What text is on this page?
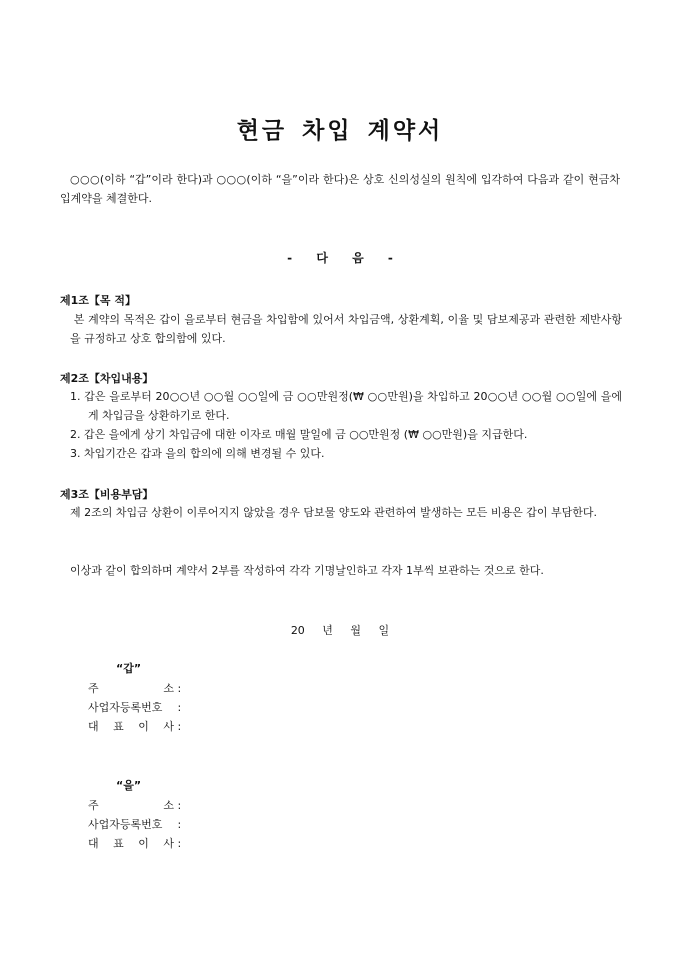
현금 차입 계약서
○○○(이하 “갑”이라 한다)과 ○○○(이하 “을”이라 한다)은 상호 신의성실의 원칙에 입각하여 다음과 같이 현금차입계약을 체결한다.
- 다 음 -
제1조【목 적】
본 계약의 목적은 갑이 을로부터 현금을 차입함에 있어서 차입금액, 상환계획, 이율 및 담보제공과 관련한 제반사항을 규정하고 상호 합의함에 있다.
제2조【차입내용】
1. 갑은 을로부터 20○○년 ○○월 ○○일에 금 ○○만원정(₩ ○○만원)을 차입하고 20○○년 ○○월 ○○일에 을에게 차입금을 상환하기로 한다.
2. 갑은 을에게 상기 차입금에 대한 이자로 매월 말일에 금 ○○만원정 (₩ ○○만원)을 지급한다.
3. 차입기간은 갑과 을의 합의에 의해 변경될 수 있다.
제3조【비용부담】
제 2조의 차입금 상환이 이루어지지 않았을 경우 담보물 양도와 관련하여 발생하는 모든 비용은 갑이 부담한다.
이상과 같이 합의하며 계약서 2부를 작성하여 각각 기명날인하고 각자 1부씩 보관하는 것으로 한다.
20 년 월 일
“갑”
주 소 :
사업자등록번호 :
대 표 이 사 :
“을”
주 소 :
사업자등록번호 :
대 표 이 사 :
